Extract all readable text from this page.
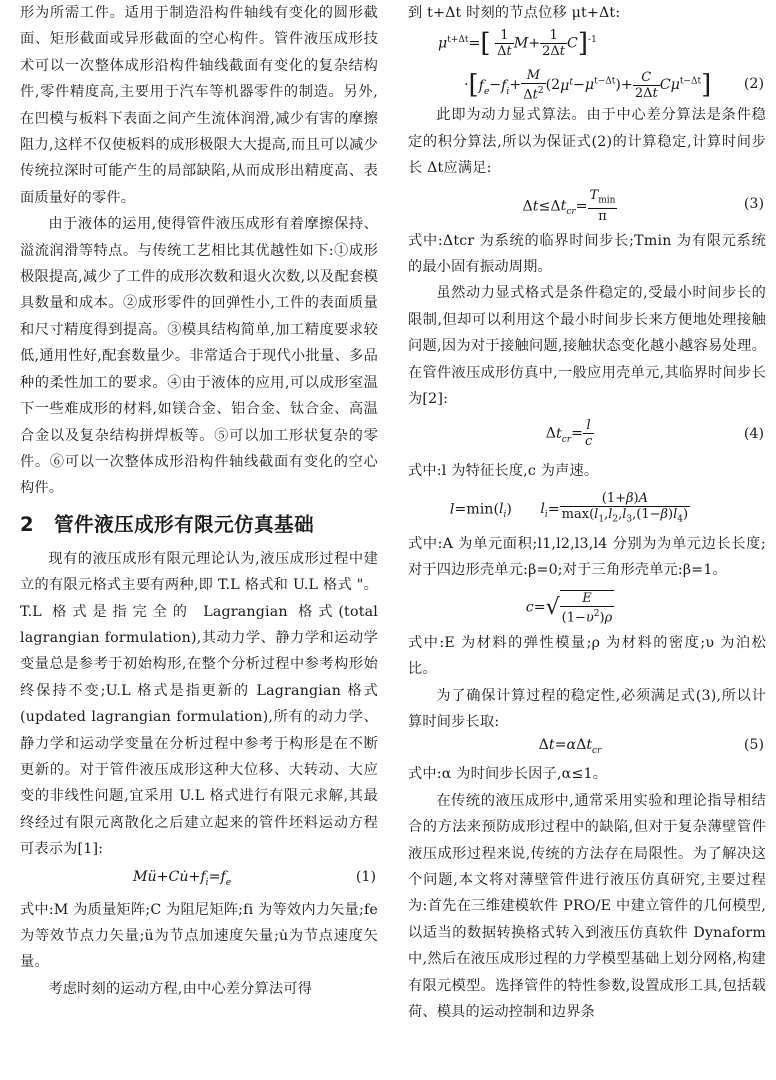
形为所需工件。适用于制造沿构件轴线有变化的圆形截面、矩形截面或异形截面的空心构件。管件液压成形技术可以一次整体成形沿构件轴线截面有变化的复杂结构件,零件精度高,主要用于汽车等机器零件的制造。另外,在凹模与板料下表面之间产生流体润滑,减少有害的摩擦阻力,这样不仅使板料的成形极限大大提高,而且可以减少传统拉深时可能产生的局部缺陷,从而成形出精度高、表面质量好的零件。

由于液体的运用,使得管件液压成形有着摩擦保持、溢流润滑等特点。与传统工艺相比其优越性如下:①成形极限提高,减少了工件的成形次数和退火次数,以及配套模具数量和成本。②成形零件的回弹性小,工件的表面质量和尺寸精度得到提高。③模具结构简单,加工精度要求较低,通用性好,配套数量少。非常适合于现代小批量、多品种的柔性加工的要求。④由于液体的应用,可以成形室温下一些难成形的材料,如镁合金、铝合金、钛合金、高温合金以及复杂结构拼焊板等。⑤可以加工形状复杂的零件。⑥可以一次整体成形沿构件轴线截面有变化的空心构件。

2　管件液压成形有限元仿真基础

现有的液压成形有限元理论认为,液压成形过程中建立的有限元格式主要有两种,即 T.L 格式和 U.L 格式 "。T.L 格式是指完全的 Lagrangian 格式(total lagrangian formulation),其动力学、静力学和运动学变量总是参考于初始构形,在整个分析过程中参考构形始终保持不变;U.L 格式是指更新的 Lagrangian 格式(updated lagrangian formulation),所有的动力学、静力学和运动学变量在分析过程中参考于构形是在不断更新的。对于管件液压成形这种大位移、大转动、大应变的非线性问题,宜采用 U.L 格式进行有限元求解,其最终经过有限元离散化之后建立起来的管件坯料运动方程可表示为[1]:

$Mü+Cu̇+f_i=f_e$	(1)

式中:M 为质量矩阵;C 为阻尼矩阵;fi 为等效内力矢量;fe 为等效节点力矢量;ü为节点加速度矢量;u̇为节点速度矢量。

考虑时刻的运动方程,由中心差分算法可得

到 t+Δt 时刻的节点位移 μt+Δt:

$\mu^{t+\Delta t}=[ \frac{1}{\Delta t} M+ \frac{1}{2\Delta t} C]^{-1}$
$\cdot[f_e-f_i+ \frac{M}{\Delta t^2} (2\mu^t-\mu^{t-\Delta t})+ \frac{C}{2\Delta t} C\mu^{t-\Delta t}]$	(2)

此即为动力显式算法。由于中心差分算法是条件稳定的积分算法,所以为保证式(2)的计算稳定,计算时间步长 Δt应满足:

$\Delta t\le\Delta t_{cr}= \frac{T_{min}}{\pi}$	(3)

式中:Δtcr 为系统的临界时间步长;Tmin 为有限元系统的最小固有振动周期。

虽然动力显式格式是条件稳定的,受最小时间步长的限制,但却可以利用这个最小时间步长来方便地处理接触问题,因为对于接触问题,接触状态变化越小越容易处理。在管件液压成形仿真中,一般应用壳单元,其临界时间步长为[2]:

$\Delta t_{cr}= \frac{l}{c}$	(4)

式中:l 为特征长度,c 为声速。

$l=\min(l_i)$　　$l_i= \frac{(1+\beta)A}{\max(l_1,l_2,l_3,(1-\beta)l_4)}$

式中:A 为单元面积;l1,l2,l3,l4 分别为为单元边长长度;对于四边形壳单元:β=0;对于三角形壳单元:β=1。

$c=√ \frac{E}{(1-\upsilon^2)\rho}$

式中:E 为材料的弹性模量;ρ 为材料的密度;υ 为泊松比。

为了确保计算过程的稳定性,必须满足式(3),所以计算时间步长取:

Δt=αΔt$_{cr}$	(5)

式中:α 为时间步长因子,α≤1。

在传统的液压成形中,通常采用实验和理论指导相结合的方法来预防成形过程中的缺陷,但对于复杂薄壁管件液压成形过程来说,传统的方法存在局限性。为了解决这个问题,本文将对薄壁管件进行液压仿真研究,主要过程为:首先在三维建模软件 PRO/E 中建立管件的几何模型,以适当的数据转换格式转入到液压仿真软件 Dynaform 中,然后在液压成形过程的力学模型基础上划分网格,构建有限元模型。选择管件的特性参数,设置成形工具,包括载荷、模具的运动控制和边界条
